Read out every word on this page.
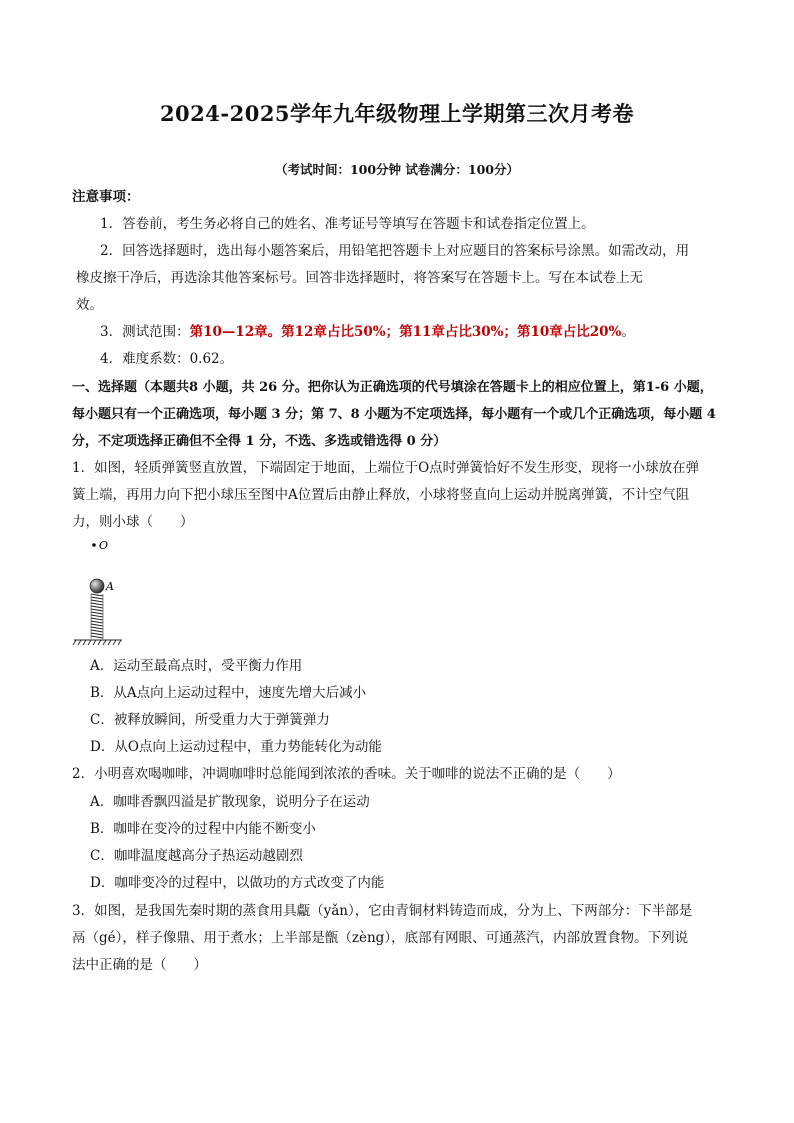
2024-2025学年九年级物理上学期第三次月考卷
（考试时间：100分钟 试卷满分：100分）
注意事项：
1．答卷前，考生务必将自己的姓名、准考证号等填写在答题卡和试卷指定位置上。
2．回答选择题时，选出每小题答案后，用铅笔把答题卡上对应题目的答案标号涂黑。如需改动，用
橡皮擦干净后，再选涂其他答案标号。回答非选择题时，将答案写在答题卡上。写在本试卷上无
效。
3．测试范围：第10—12章。第12章占比50%；第11章占比30%；第10章占比20%。
4．难度系数：0.62。
一、选择题（本题共8 小题，共 26 分。把你认为正确选项的代号填涂在答题卡上的相应位置上，第1-6 小题，
每小题只有一个正确选项，每小题 3 分；第 7、8 小题为不定项选择，每小题有一个或几个正确选项，每小题 4
分，不定项选择正确但不全得 1 分，不选、多选或错选得 0 分）
1．如图，轻质弹簧竖直放置，下端固定于地面，上端位于O点时弹簧恰好不发生形变，现将一小球放在弹
簧上端，再用力向下把小球压至图中A位置后由静止释放，小球将竖直向上运动并脱离弹簧，不计空气阻
力，则小球（　　）
O
A
A．运动至最高点时，受平衡力作用
B．从A点向上运动过程中，速度先增大后减小
C．被释放瞬间，所受重力大于弹簧弹力
D．从O点向上运动过程中，重力势能转化为动能
2．小明喜欢喝咖啡，冲调咖啡时总能闻到浓浓的香味。关于咖啡的说法不正确的是（　　）
A．咖啡香飘四溢是扩散现象，说明分子在运动
B．咖啡在变冷的过程中内能不断变小
C．咖啡温度越高分子热运动越剧烈
D．咖啡变冷的过程中，以做功的方式改变了内能
3．如图，是我国先秦时期的蒸食用具甗（yǎn），它由青铜材料铸造而成，分为上、下两部分：下半部是
鬲（gé），样子像鼎、用于煮水；上半部是甑（zèng），底部有网眼、可通蒸汽，内部放置食物。下列说
法中正确的是（　　）
